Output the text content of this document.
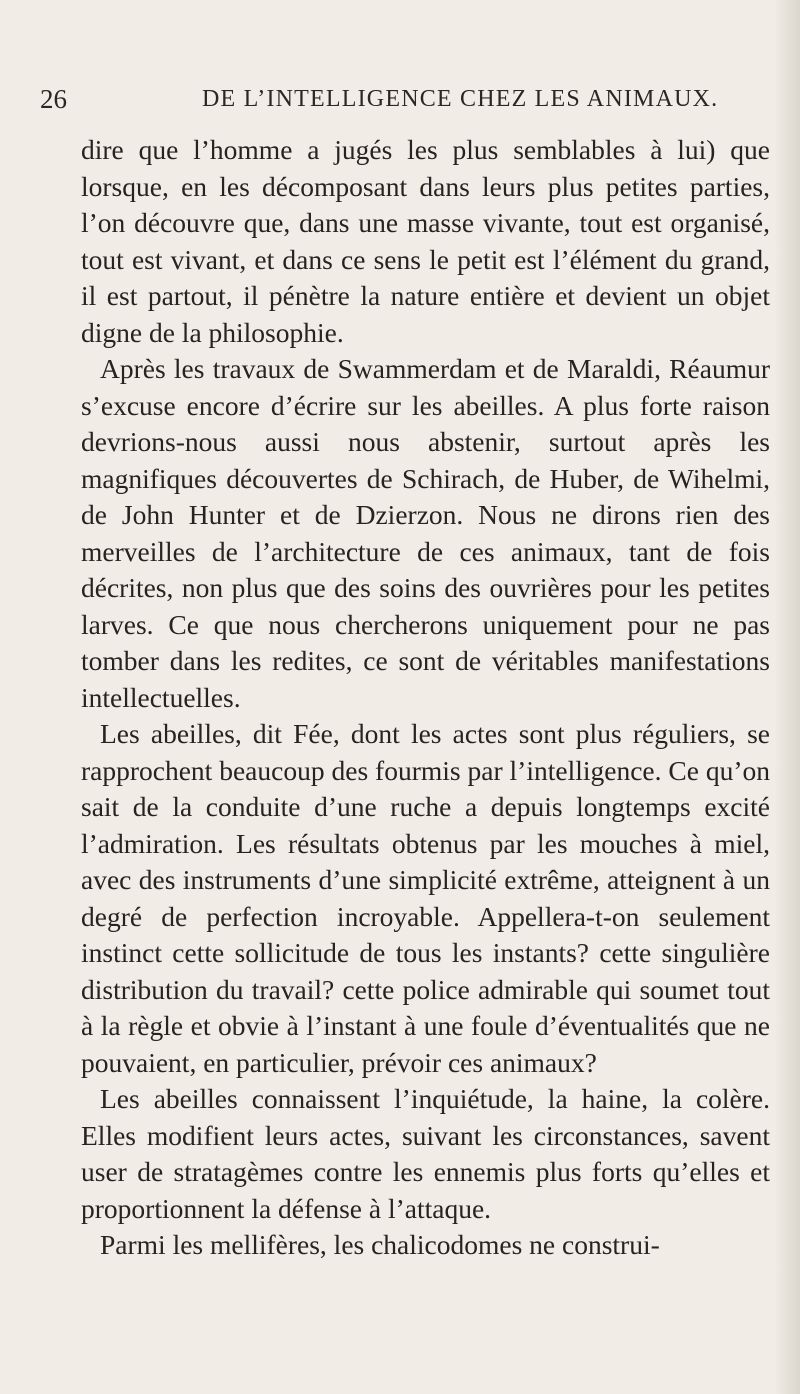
26	DE L’INTELLIGENCE CHEZ LES ANIMAUX.

dire que l’homme a jugés les plus semblables à lui) que lorsque, en les décomposant dans leurs plus petites parties, l’on découvre que, dans une masse vivante, tout est organisé, tout est vivant, et dans ce sens le petit est l’élément du grand, il est partout, il pénètre la nature entière et devient un objet digne de la philosophie.

Après les travaux de Swammerdam et de Maraldi, Réaumur s’excuse encore d’écrire sur les abeilles. A plus forte raison devrions-nous aussi nous abstenir, surtout après les magnifiques découvertes de Schirach, de Huber, de Wihelmi, de John Hunter et de Dzierzon. Nous ne dirons rien des merveilles de l’architecture de ces animaux, tant de fois décrites, non plus que des soins des ouvrières pour les petites larves. Ce que nous chercherons uniquement pour ne pas tomber dans les redites, ce sont de véritables manifestations intellectuelles.

Les abeilles, dit Fée, dont les actes sont plus réguliers, se rapprochent beaucoup des fourmis par l’intelligence. Ce qu’on sait de la conduite d’une ruche a depuis longtemps excité l’admiration. Les résultats obtenus par les mouches à miel, avec des instruments d’une simplicité extrême, atteignent à un degré de perfection incroyable. Appellera-t-on seulement instinct cette sollicitude de tous les instants? cette singulière distribution du travail? cette police admirable qui soumet tout à la règle et obvie à l’instant à une foule d’éventualités que ne pouvaient, en particulier, prévoir ces animaux?

Les abeilles connaissent l’inquiétude, la haine, la colère. Elles modifient leurs actes, suivant les circonstances, savent user de stratagèmes contre les ennemis plus forts qu’elles et proportionnent la défense à l’attaque.

Parmi les mellifères, les chalicodomes ne construi-
